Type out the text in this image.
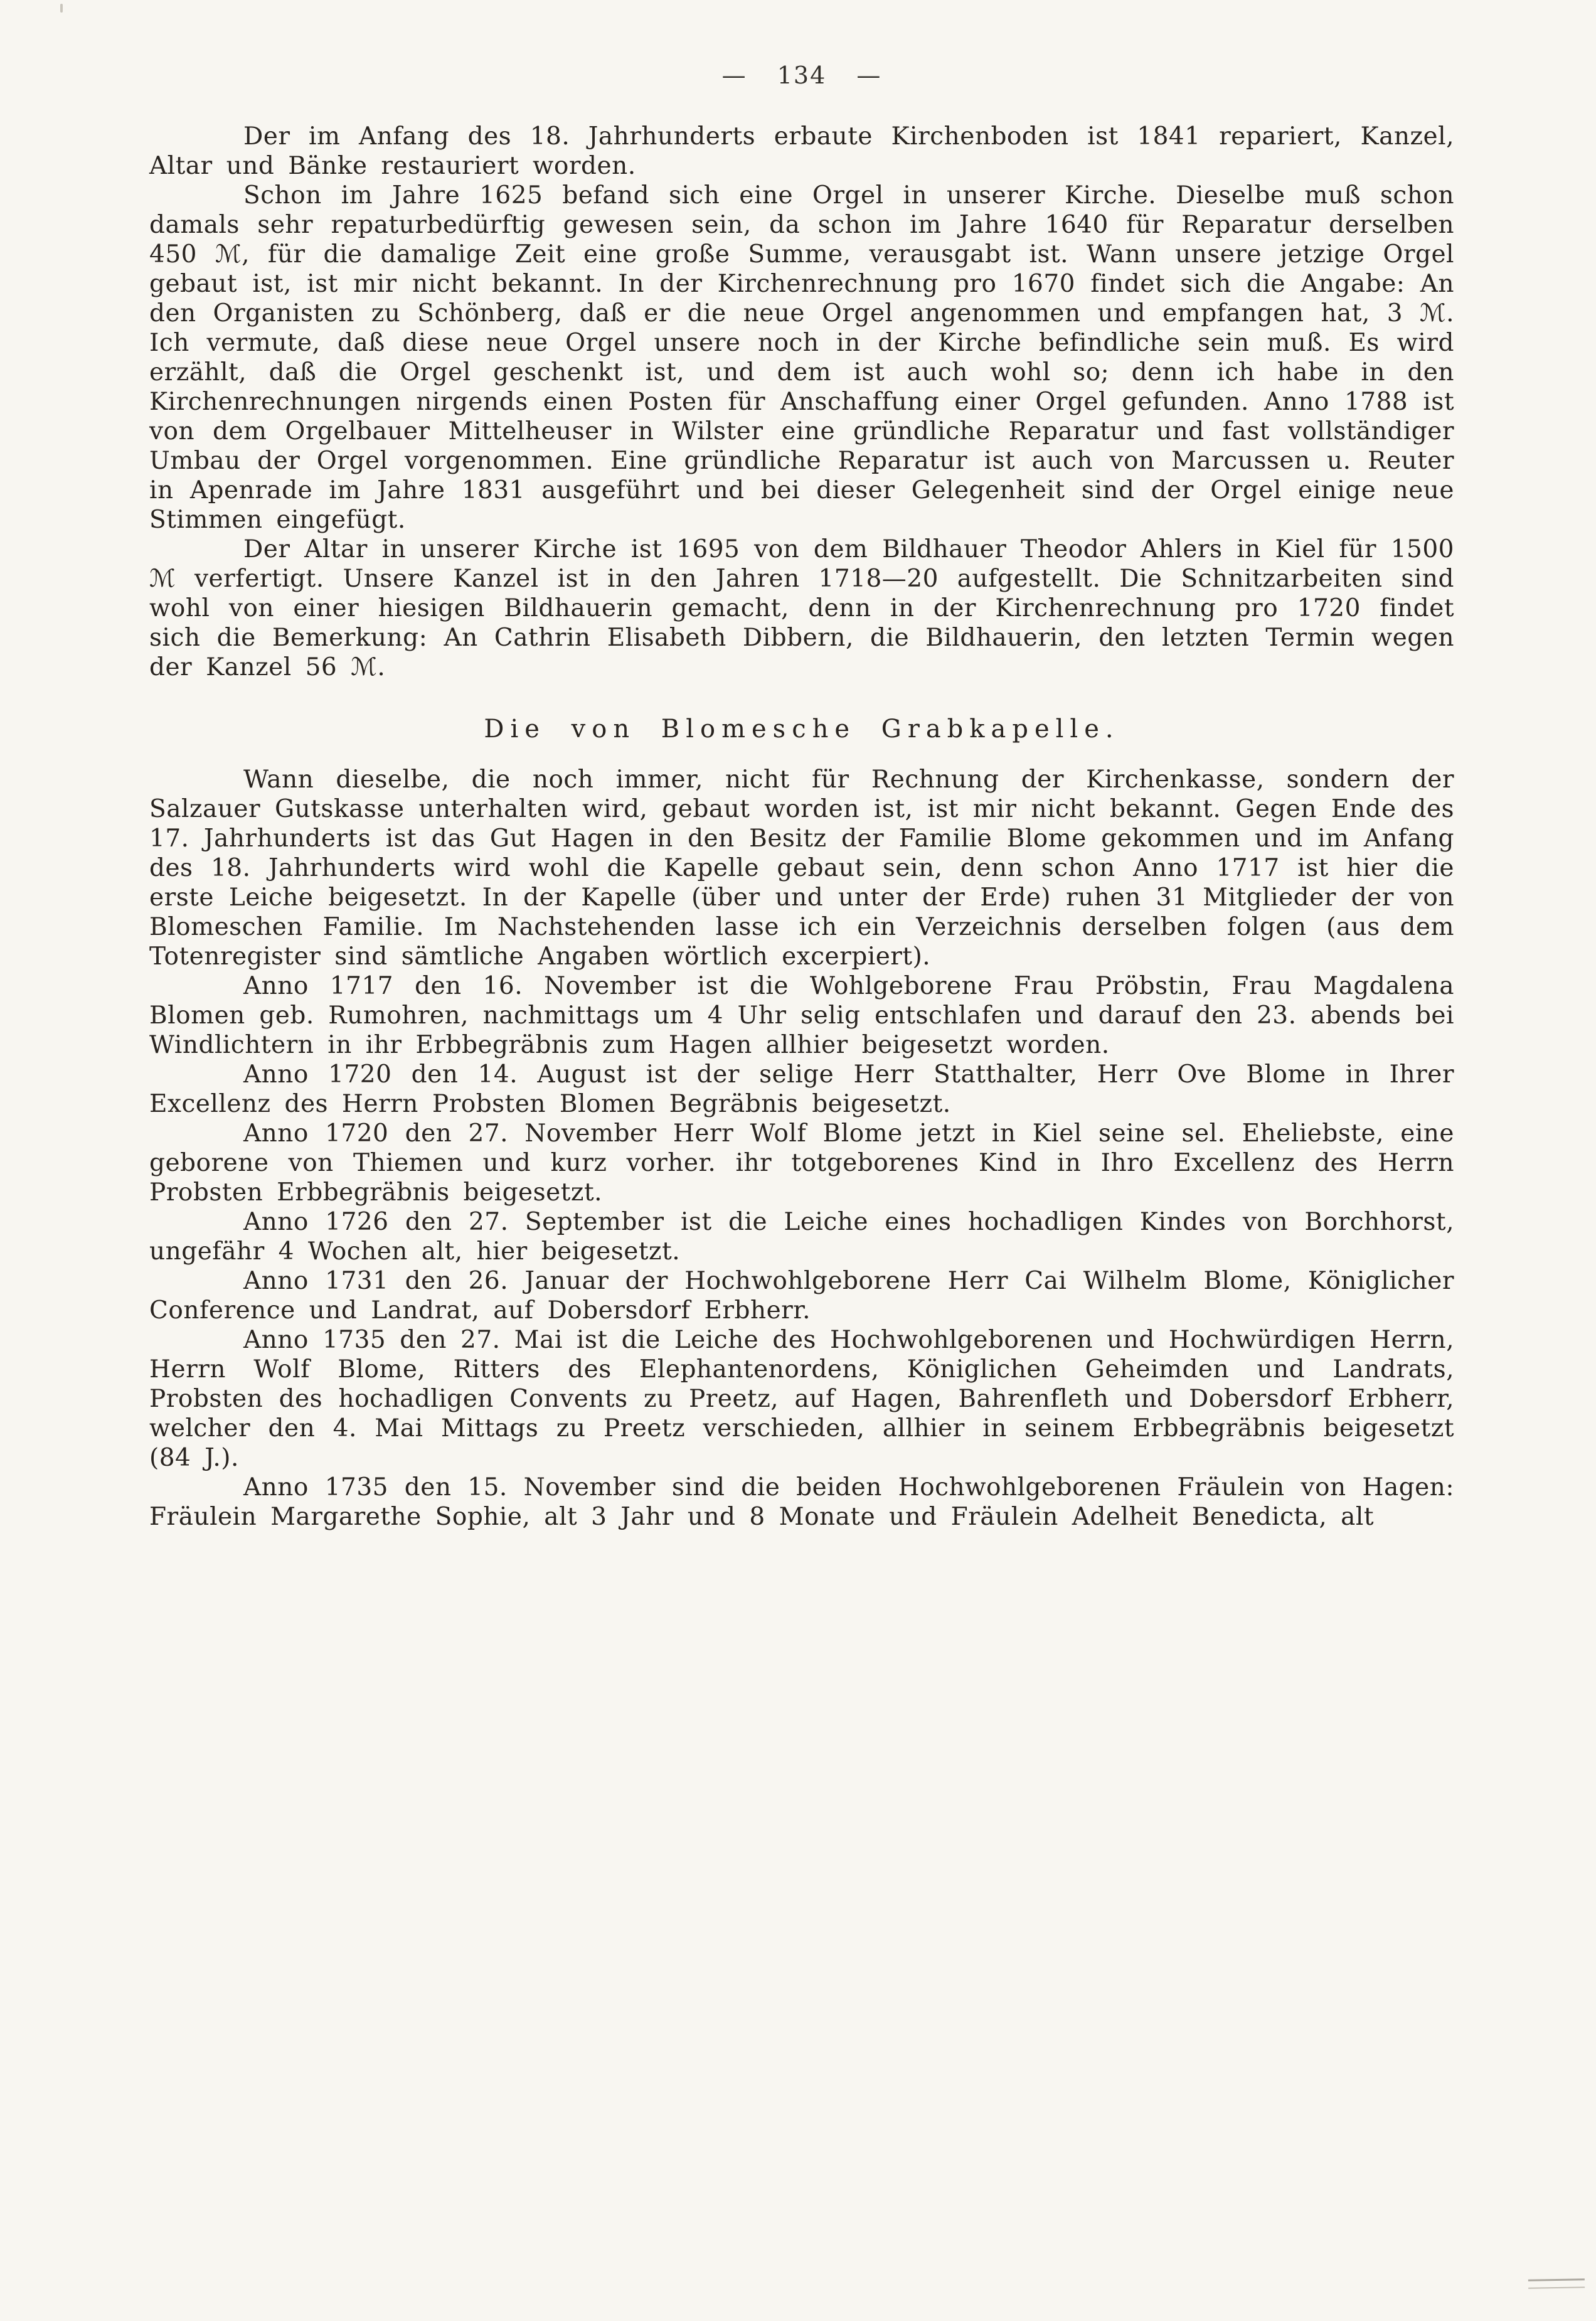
— 134 —

Der im Anfang des 18. Jahrhunderts erbaute Kirchenboden ist 1841 repariert, Kanzel, Altar und Bänke restauriert worden.

Schon im Jahre 1625 befand sich eine Orgel in unserer Kirche. Dieselbe muß schon damals sehr repaturbedürftig gewesen sein, da schon im Jahre 1640 für Reparatur derselben 450 ℳ, für die damalige Zeit eine große Summe, verausgabt ist. Wann unsere jetzige Orgel gebaut ist, ist mir nicht bekannt. In der Kirchenrechnung pro 1670 findet sich die Angabe: An den Organisten zu Schönberg, daß er die neue Orgel angenommen und empfangen hat, 3 ℳ. Ich vermute, daß diese neue Orgel unsere noch in der Kirche befindliche sein muß. Es wird erzählt, daß die Orgel geschenkt ist, und dem ist auch wohl so; denn ich habe in den Kirchenrechnungen nirgends einen Posten für Anschaffung einer Orgel gefunden. Anno 1788 ist von dem Orgelbauer Mittelheuser in Wilster eine gründliche Reparatur und fast vollständiger Umbau der Orgel vorgenommen. Eine gründliche Reparatur ist auch von Marcussen u. Reuter in Apenrade im Jahre 1831 ausgeführt und bei dieser Gelegenheit sind der Orgel einige neue Stimmen eingefügt.

Der Altar in unserer Kirche ist 1695 von dem Bildhauer Theodor Ahlers in Kiel für 1500 ℳ verfertigt. Unsere Kanzel ist in den Jahren 1718—20 aufgestellt. Die Schnitzarbeiten sind wohl von einer hiesigen Bildhauerin gemacht, denn in der Kirchenrechnung pro 1720 findet sich die Bemerkung: An Cathrin Elisabeth Dibbern, die Bildhauerin, den letzten Termin wegen der Kanzel 56 ℳ.

Die von Blomesche Grabkapelle.

Wann dieselbe, die noch immer, nicht für Rechnung der Kirchenkasse, sondern der Salzauer Gutskasse unterhalten wird, gebaut worden ist, ist mir nicht bekannt. Gegen Ende des 17. Jahrhunderts ist das Gut Hagen in den Besitz der Familie Blome gekommen und im Anfang des 18. Jahrhunderts wird wohl die Kapelle gebaut sein, denn schon Anno 1717 ist hier die erste Leiche beigesetzt. In der Kapelle (über und unter der Erde) ruhen 31 Mitglieder der von Blomeschen Familie. Im Nachstehenden lasse ich ein Verzeichnis derselben folgen (aus dem Totenregister sind sämtliche Angaben wörtlich excerpiert).

Anno 1717 den 16. November ist die Wohlgeborene Frau Pröbstin, Frau Magdalena Blomen geb. Rumohren, nachmittags um 4 Uhr selig entschlafen und darauf den 23. abends bei Windlichtern in ihr Erbbegräbnis zum Hagen allhier beigesetzt worden.

Anno 1720 den 14. August ist der selige Herr Statthalter, Herr Ove Blome in Ihrer Excellenz des Herrn Probsten Blomen Begräbnis beigesetzt.

Anno 1720 den 27. November Herr Wolf Blome jetzt in Kiel seine sel. Eheliebste, eine geborene von Thiemen und kurz vorher. ihr totgeborenes Kind in Ihro Excellenz des Herrn Probsten Erbbegräbnis beigesetzt.

Anno 1726 den 27. September ist die Leiche eines hochadligen Kindes von Borchhorst, ungefähr 4 Wochen alt, hier beigesetzt.

Anno 1731 den 26. Januar der Hochwohlgeborene Herr Cai Wilhelm Blome, Königlicher Conference und Landrat, auf Dobersdorf Erbherr.

Anno 1735 den 27. Mai ist die Leiche des Hochwohlgeborenen und Hochwürdigen Herrn, Herrn Wolf Blome, Ritters des Elephantenordens, Königlichen Geheimden und Landrats, Probsten des hochadligen Convents zu Preetz, auf Hagen, Bahrenfleth und Dobersdorf Erbherr, welcher den 4. Mai Mittags zu Preetz verschieden, allhier in seinem Erbbegräbnis beigesetzt (84 J.).

Anno 1735 den 15. November sind die beiden Hochwohlgeborenen Fräulein von Hagen: Fräulein Margarethe Sophie, alt 3 Jahr und 8 Monate und Fräulein Adelheit Benedicta, alt
